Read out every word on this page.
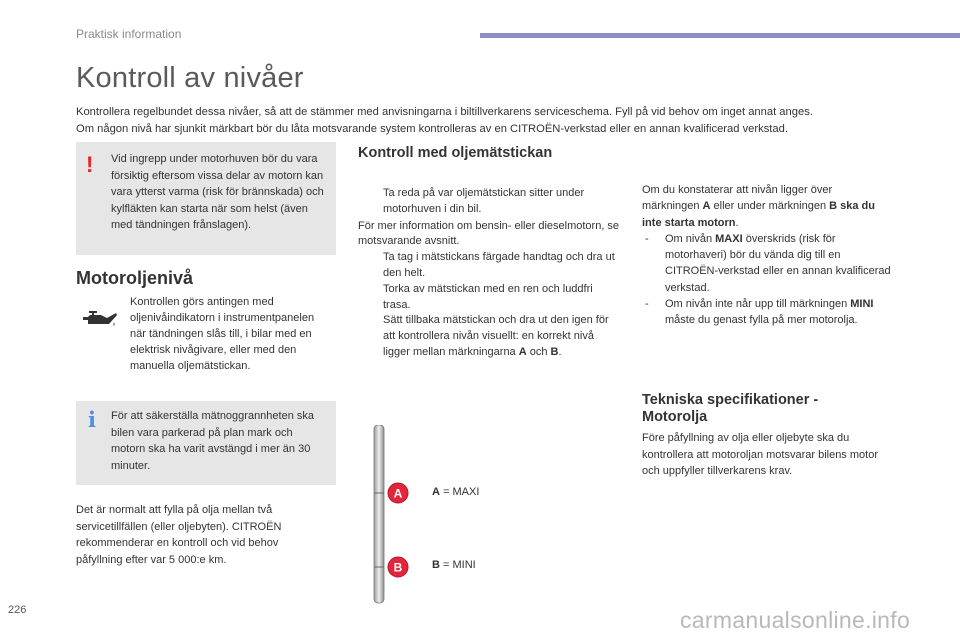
Praktisk information
Kontroll av nivåer

Kontrollera regelbundet dessa nivåer, så att de stämmer med anvisningarna i biltillverkarens serviceschema. Fyll på vid behov om inget annat anges.

Om någon nivå har sjunkit märkbart bör du låta motsvarande system kontrolleras av en CITROËN-verkstad eller en annan kvalificerad verkstad.

! Vid ingrepp under motorhuven bör du vara försiktig eftersom vissa delar av motorn kan vara ytterst varma (risk för brännskada) och kylfläkten kan starta när som helst (även med tändningen frånslagen).
Motoroljenivå
Kontrollen görs antingen med oljenivåindikatorn i instrumentpanelen när tändningen slås till, i bilar med en elektrisk nivågivare, eller med den manuella oljemätstickan.
i För att säkerställa mätnoggrannheten ska bilen vara parkerad på plan mark och motorn ska ha varit avstängd i mer än 30 minuter.
Det är normalt att fylla på olja mellan två servicetillfällen (eller oljebyten). CITROËN rekommenderar en kontroll och vid behov påfyllning efter var 5 000:e km.
Kontroll med oljemätstickan
Ta reda på var oljemätstickan sitter under motorhuven i din bil.
För mer information om bensin- eller dieselmotorn, se motsvarande avsnitt.
Ta tag i mätstickans färgade handtag och dra ut den helt.
Torka av mätstickan med en ren och luddfri trasa.
Sätt tillbaka mätstickan och dra ut den igen för att kontrollera nivån visuellt: en korrekt nivå ligger mellan märkningarna A och B.
Om du konstaterar att nivån ligger över märkningen A eller under märkningen B ska du inte starta motorn.
- Om nivån MAXI överskrids (risk för motorhaveri) bör du vända dig till en CITROËN-verkstad eller en annan kvalificerad verkstad.
- Om nivån inte når upp till märkningen MINI måste du genast fylla på mer motorolja.
Tekniska specifikationer - Motorolja
Före påfyllning av olja eller oljebyte ska du kontrollera att motoroljan motsvarar bilens motor och uppfyller tillverkarens krav.
A
B
A = MAXI
B = MINI
226	carmanualsonline.info
